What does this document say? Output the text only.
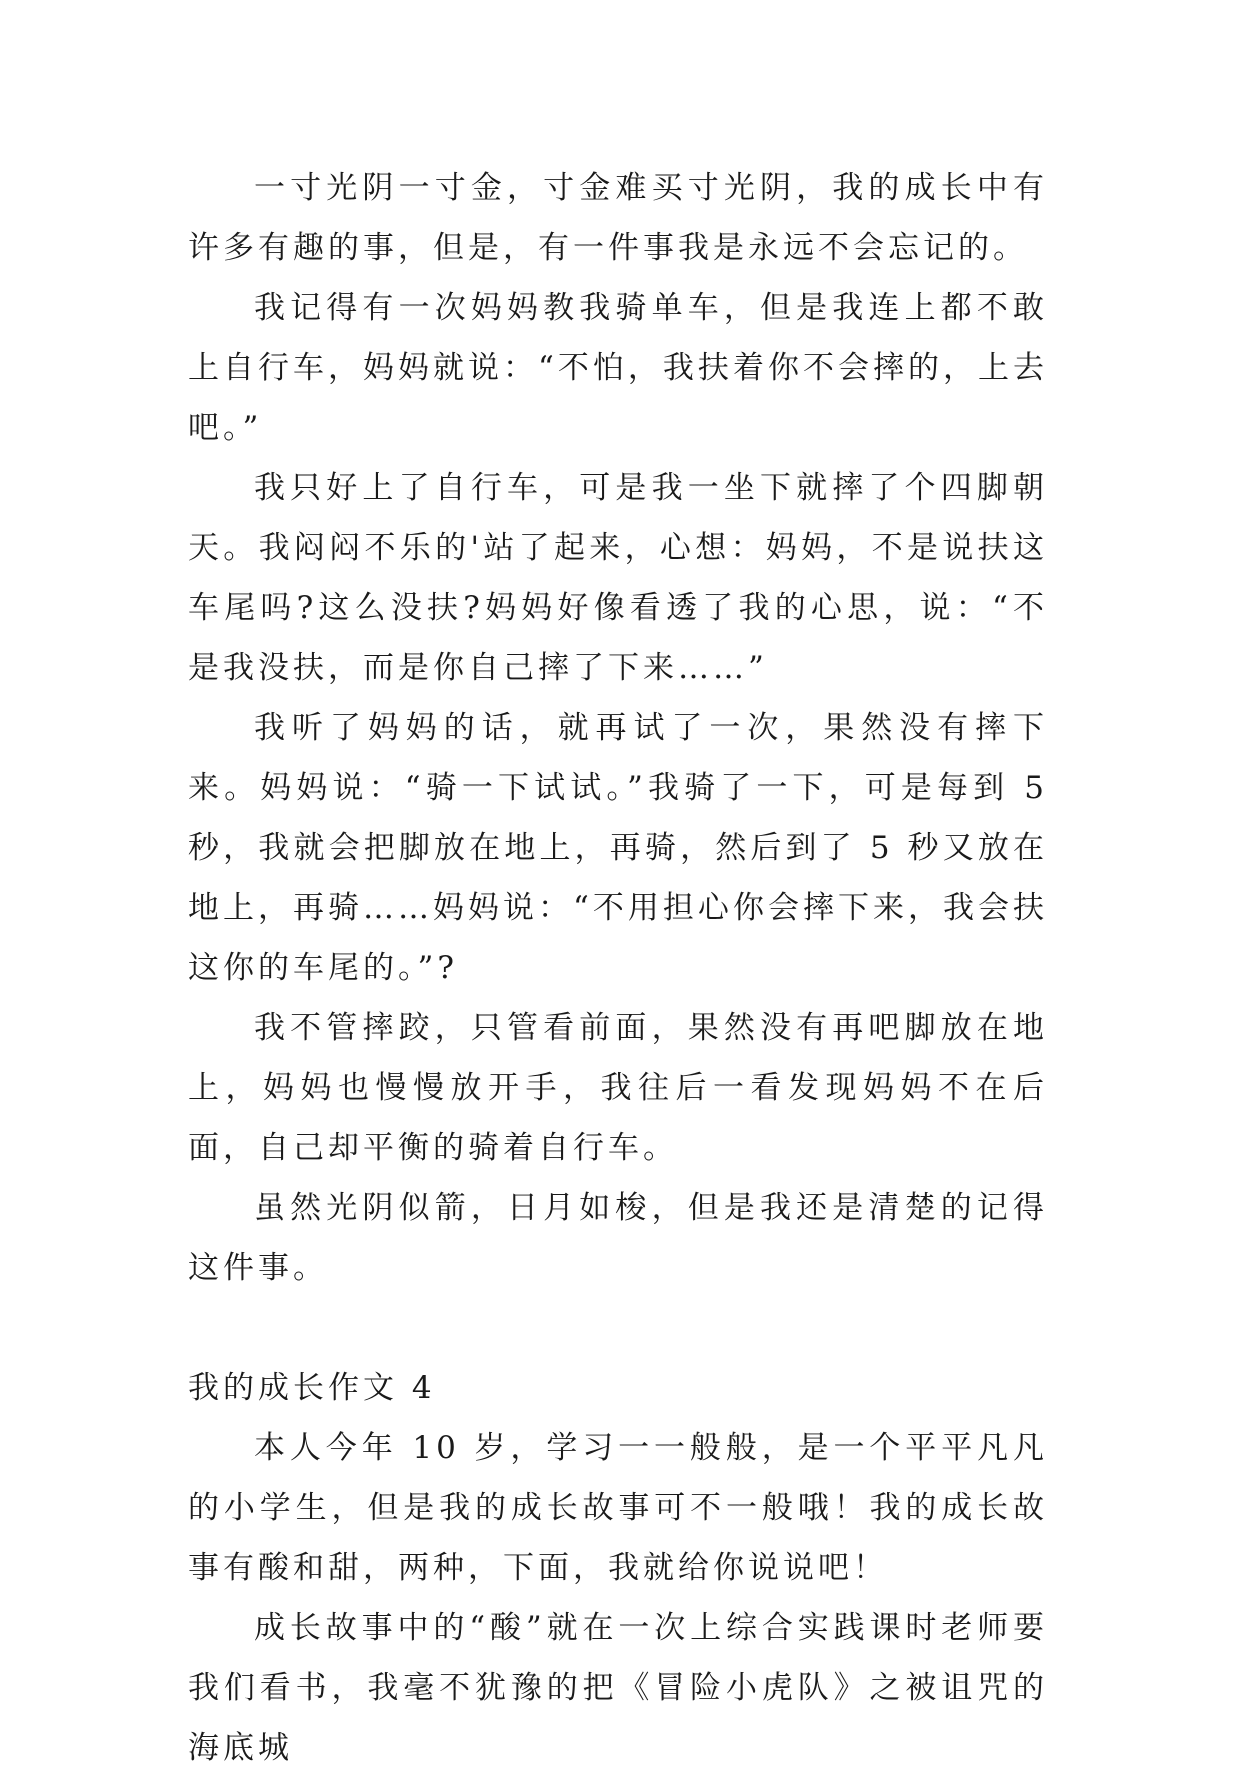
一寸光阴一寸金，寸金难买寸光阴，我的成长中有许多有趣的事，但是，有一件事我是永远不会忘记的。

我记得有一次妈妈教我骑单车，但是我连上都不敢上自行车，妈妈就说：“不怕，我扶着你不会摔的，上去吧。”

我只好上了自行车，可是我一坐下就摔了个四脚朝天。我闷闷不乐的'站了起来，心想：妈妈，不是说扶这车尾吗?这么没扶?妈妈好像看透了我的心思，说：“不是我没扶，而是你自己摔了下来……”

我听了妈妈的话，就再试了一次，果然没有摔下来。妈妈说：“骑一下试试。”我骑了一下，可是每到 5 秒，我就会把脚放在地上，再骑，然后到了 5 秒又放在地上，再骑……妈妈说：“不用担心你会摔下来，我会扶这你的车尾的。”?

我不管摔跤，只管看前面，果然没有再吧脚放在地上，妈妈也慢慢放开手，我往后一看发现妈妈不在后面，自己却平衡的骑着自行车。

虽然光阴似箭，日月如梭，但是我还是清楚的记得这件事。

我的成长作文 4

本人今年 10 岁，学习一一般般，是一个平平凡凡的小学生，但是我的成长故事可不一般哦！我的成长故事有酸和甜，两种，下面，我就给你说说吧！

成长故事中的“酸”就在一次上综合实践课时老师要我们看书，我毫不犹豫的把《冒险小虎队》之被诅咒的海底城
